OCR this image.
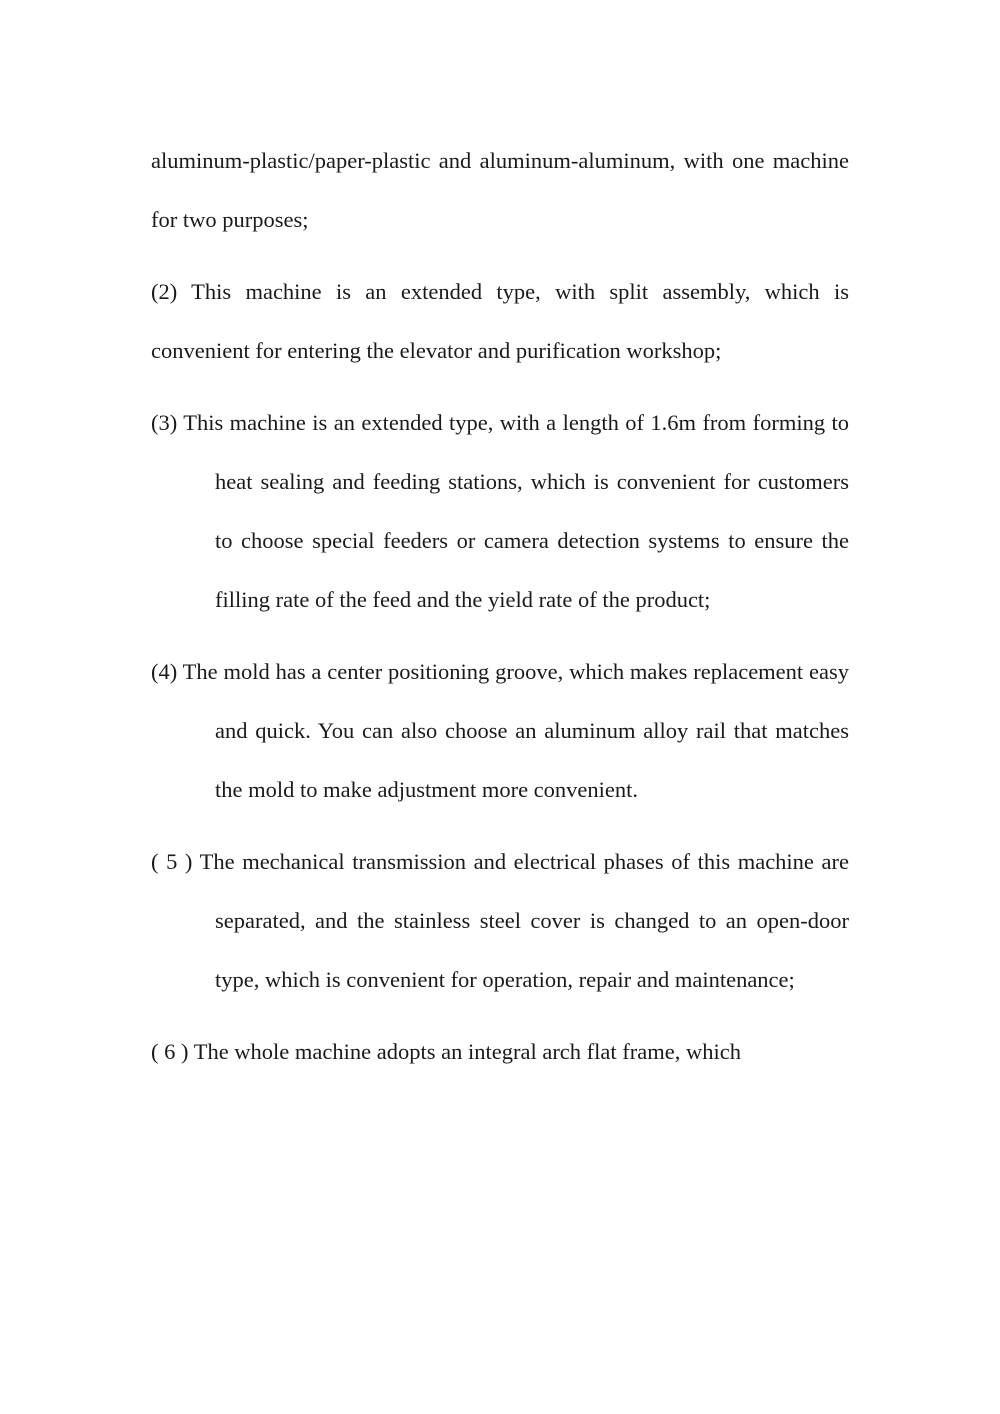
aluminum-plastic/paper-plastic and aluminum-aluminum, with one machine for two purposes;

(2) This machine is an extended type, with split assembly, which is convenient for entering the elevator and purification workshop;

(3) This machine is an extended type, with a length of 1.6m from forming to heat sealing and feeding stations, which is convenient for customers to choose special feeders or camera detection systems to ensure the filling rate of the feed and the yield rate of the product;

(4) The mold has a center positioning groove, which makes replacement easy and quick. You can also choose an aluminum alloy rail that matches the mold to make adjustment more convenient.

( 5 ) The mechanical transmission and electrical phases of this machine are separated, and the stainless steel cover is changed to an open-door type, which is convenient for operation, repair and maintenance;

( 6 ) The whole machine adopts an integral arch flat frame, which
